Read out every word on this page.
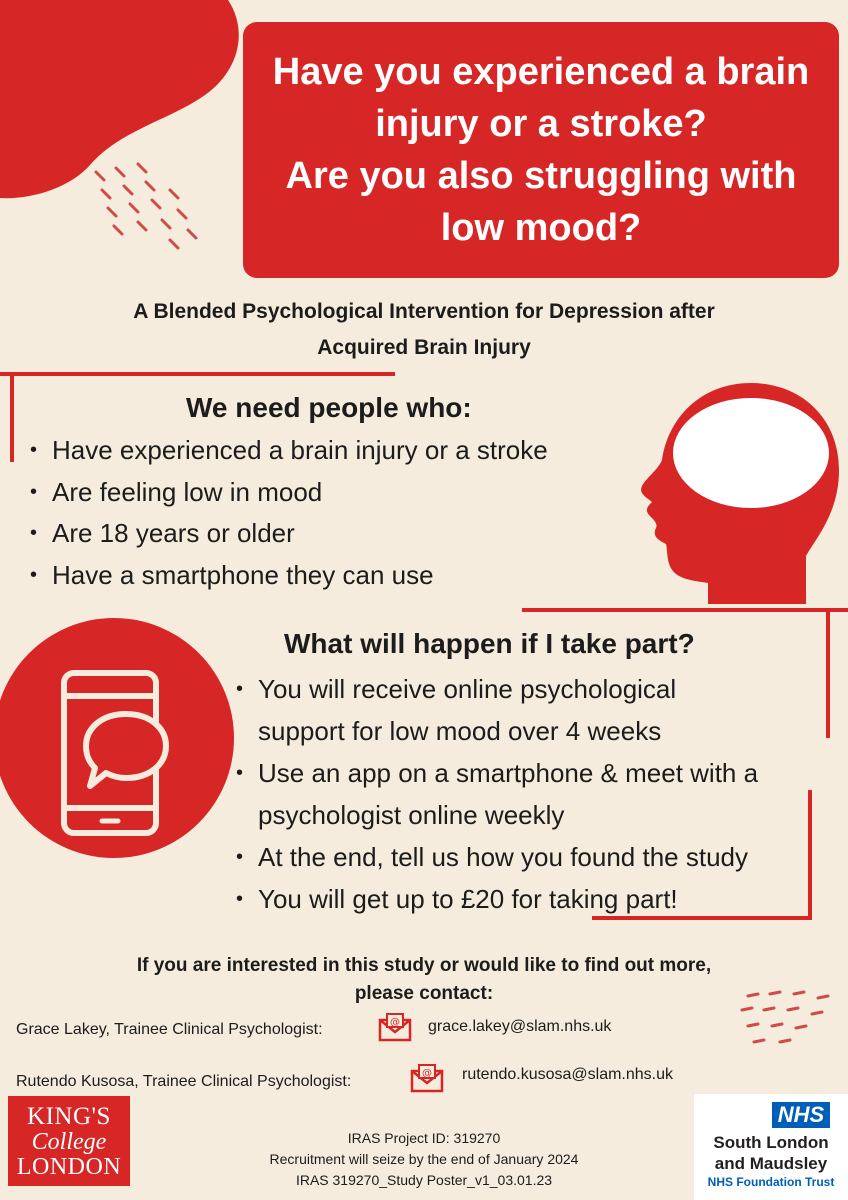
Have you experienced a brain
injury or a stroke?
Are you also struggling with
low mood?
A Blended Psychological Intervention for Depression after
Acquired Brain Injury
We need people who:
• Have experienced a brain injury or a stroke
• Are feeling low in mood
• Are 18 years or older
• Have a smartphone they can use
What will happen if I take part?
• You will receive online psychological
support for low mood over 4 weeks
• Use an app on a smartphone & meet with a
psychologist online weekly
• At the end, tell us how you found the study
• You will get up to £20 for taking part!
If you are interested in this study or would like to find out more,
please contact:
Grace Lakey, Trainee Clinical Psychologist:	@ grace.lakey@slam.nhs.uk
Rutendo Kusosa, Trainee Clinical Psychologist:	@ rutendo.kusosa@slam.nhs.uk
KING'S
College
LONDON
IRAS Project ID: 319270
Recruitment will seize by the end of January 2024
IRAS 319270_Study Poster_v1_03.01.23
NHS
South London
and Maudsley
NHS Foundation Trust
